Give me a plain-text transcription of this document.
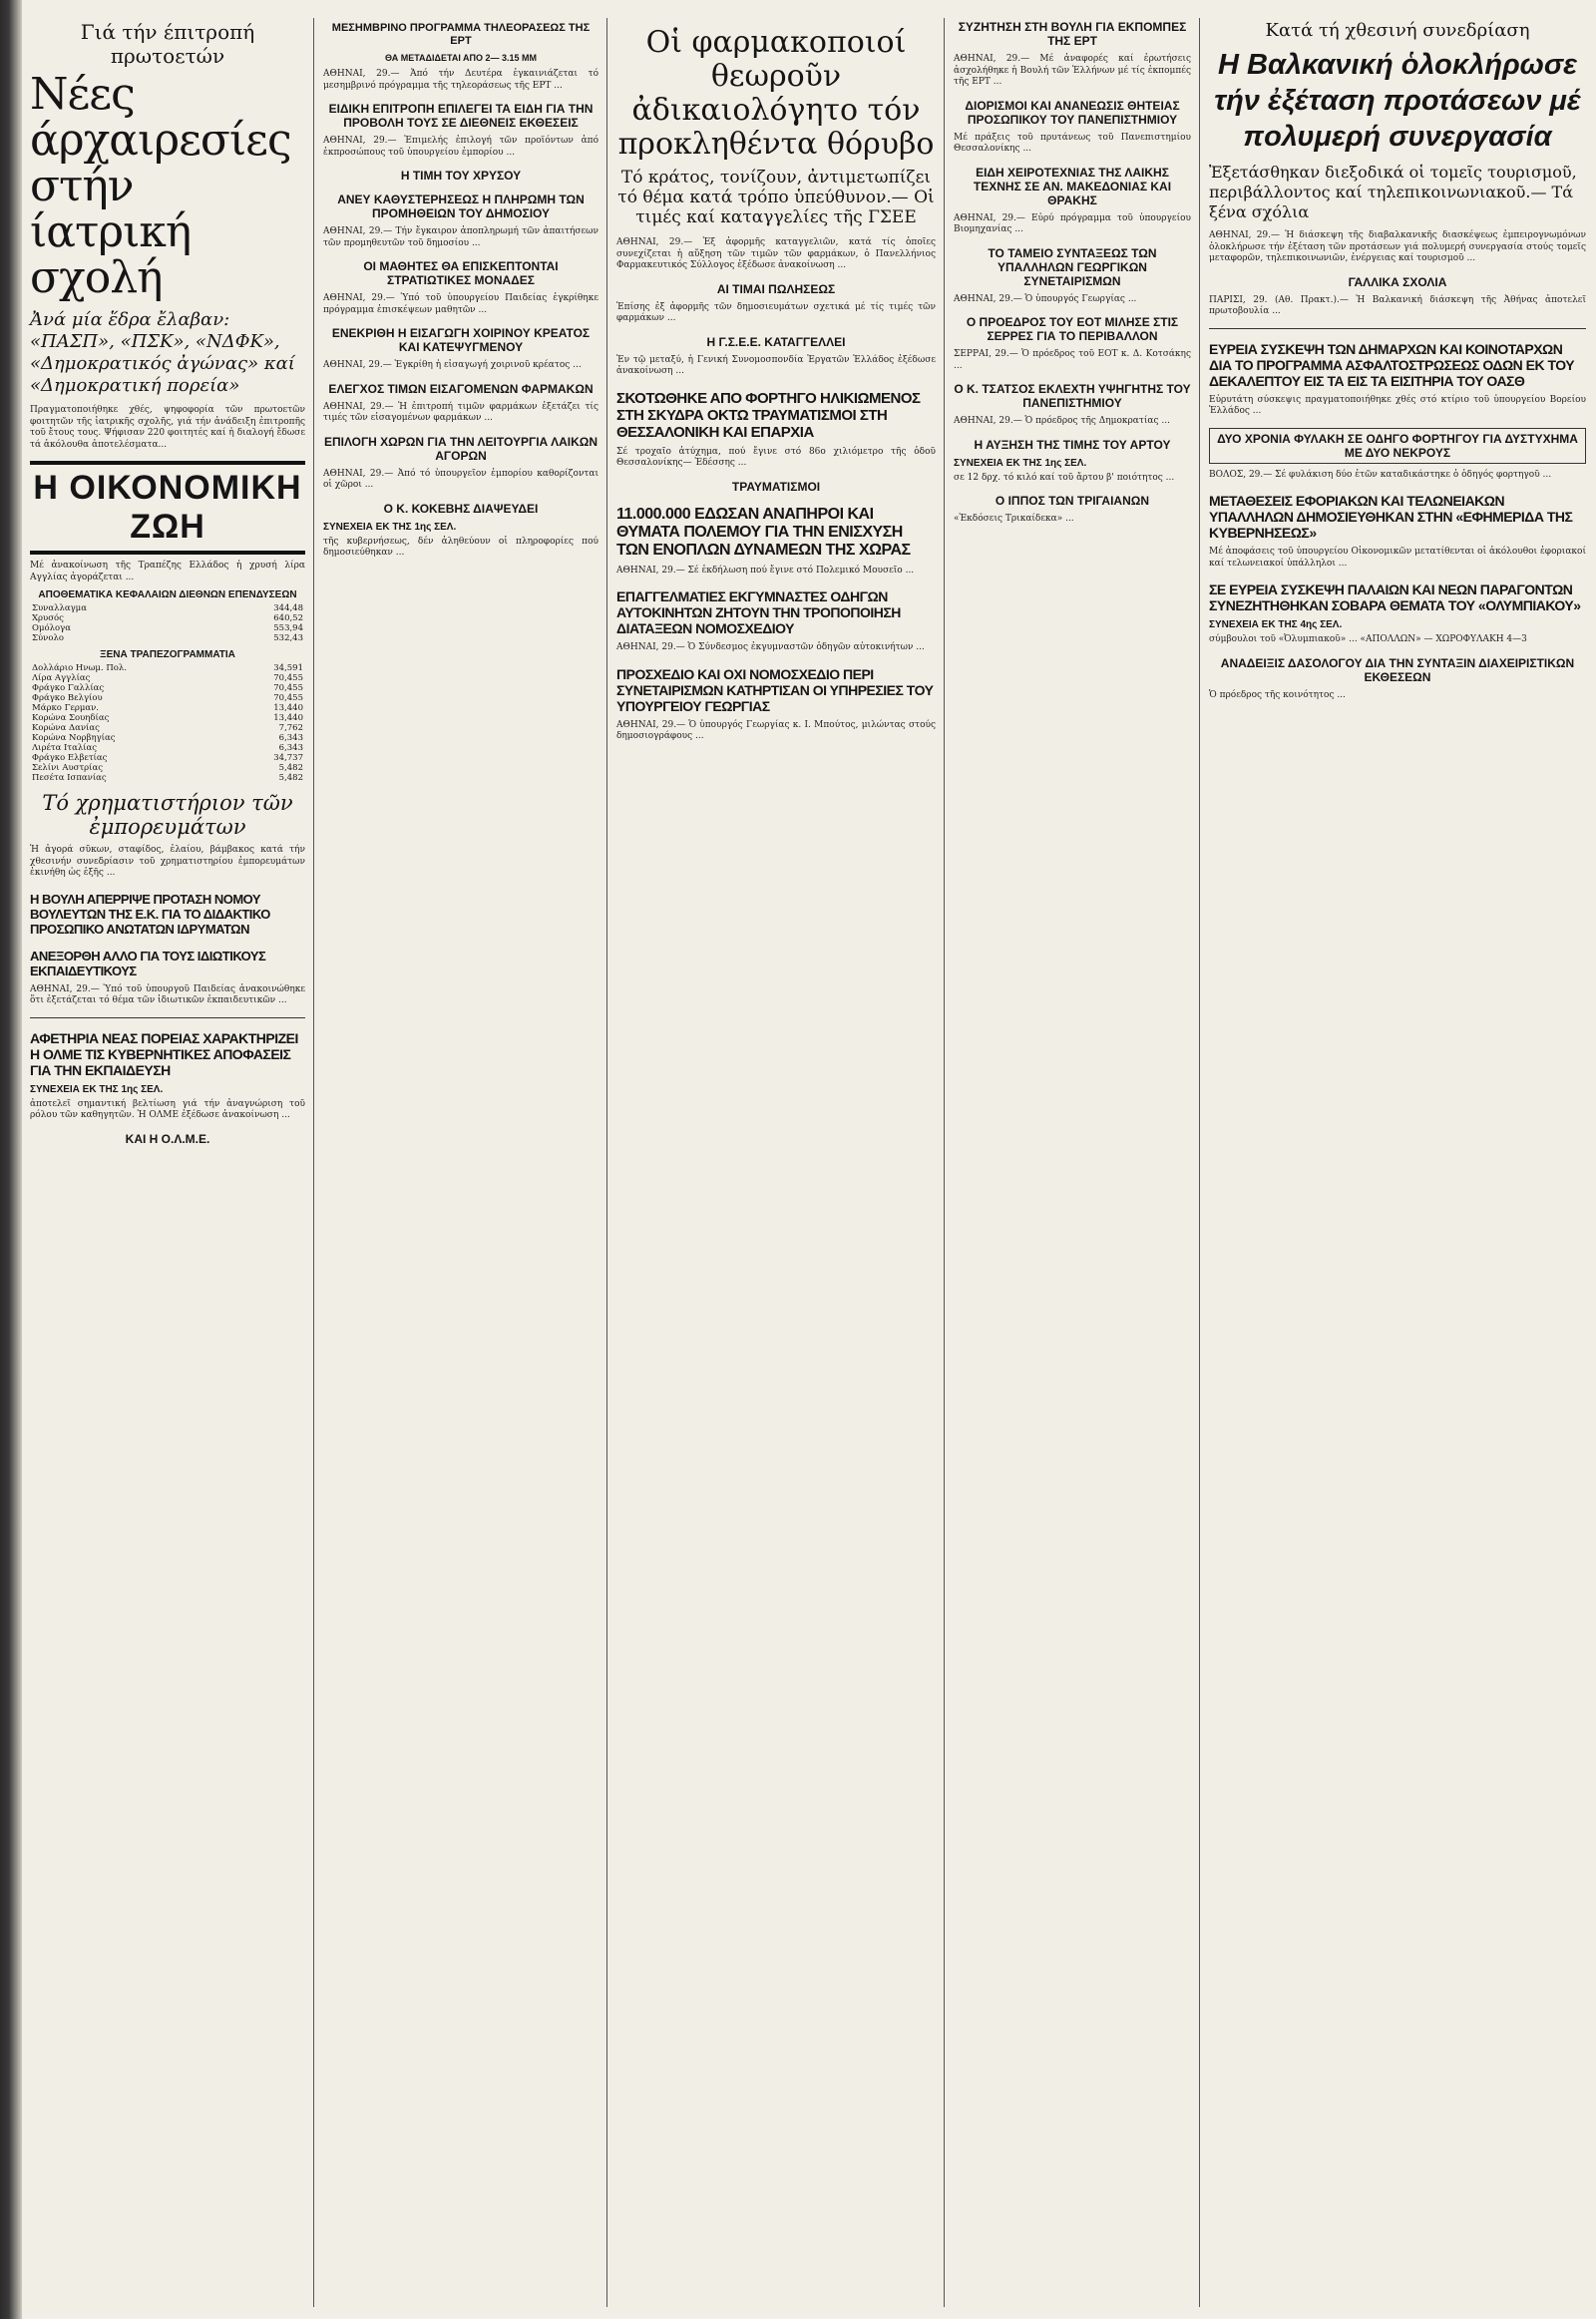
Γιά τήν έπιτροπή πρωτοετών
Νέες άρχαιρεσίες στήν ίατρική σχολή
Ἀνά μία ἕδρα ἔλαβαν: «ΠΑΣΠ», «ΠΣΚ», «ΝΔΦΚ», «Δημοκρατικός ἀγώνας» καί «Δημοκρατική πορεία»

Πραγματοποιήθηκε χθές, ψηφοφορία τῶν πρωτοετῶν φοιτητῶν τῆς ἰατρικῆς σχολῆς, γιά τήν ἀνάδειξη ἐπιτροπῆς τοῦ ἔτους τους. Ψήφισαν 220 φοιτητές καί ἡ διαλογή ἔδωσε τά ἀκόλουθα ἀποτελέσματα...

Η ΟΙΚΟΝΟΜΙΚΗ ΖΩΗ

Μέ ἀνακοίνωση τῆς Τραπέζης Ελλάδος ἡ χρυσή λίρα Αγγλίας ἀγοράζεται ...

ΑΠΟΘΕΜΑΤΙΚΑ ΚΕΦΑΛΑΙΩΝ ΔΙΕΘΝΩΝ ΕΠΕΝΔΥΣΕΩΝ
Συναλλαγμα	344,48
Χρυσός	640,52
Ομόλογα	553,94
Σύνολο	532,43
ΞΕΝΑ ΤΡΑΠΕΖΟΓΡΑΜΜΑΤΙΑ
Δολλάριο Ηνωμ. Πολ.	34,591
Λίρα Αγγλίας	70,455
Φράγκο Γαλλίας	70,455
Φράγκο Βελγίου	70,455
Μάρκο Γερμαν.	13,440
Κορώνα Σουηδίας	13,440
Κορώνα Δανίας	7,762
Κορώνα Νορβηγίας	6,343
Λιρέτα Ιταλίας	6,343
Φράγκο Ελβετίας	34,737
Σελίνι Αυστρίας	5,482
Πεσέτα Ισπανίας	5,482
Τό χρηματιστήριον τῶν ἐμπορευμάτων

Ἡ ἀγορά σῦκων, σταφίδος, ἐλαίου, βάμβακος κατά τήν χθεσινήν συνεδρίασιν τοῦ χρηματιστηρίου ἐμπορευμάτων ἐκινήθη ὡς ἑξῆς ...

Η ΒΟΥΛΗ ΑΠΕΡΡΙΨΕ ΠΡΟΤΑΣΗ ΝΟΜΟΥ ΒΟΥΛΕΥΤΩΝ ΤΗΣ Ε.Κ. ΓΙΑ ΤΟ ΔΙΔΑΚΤΙΚΟ ΠΡΟΣΩΠΙΚΟ ΑΝΩΤΑΤΩΝ ΙΔΡΥΜΑΤΩΝ
ΑΝΕΞΟΡΘΗ ΑΛΛΟ ΓΙΑ ΤΟΥΣ ΙΔΙΩΤΙΚΟΥΣ ΕΚΠΑΙΔΕΥΤΙΚΟΥΣ

ΑΘΗΝΑΙ, 29.— Ὑπό τοῦ ὑπουργοῦ Παιδείας ἀνακοινώθηκε ὅτι ἐξετάζεται τό θέμα τῶν ἰδιωτικῶν ἐκπαιδευτικῶν ...

ΑΦΕΤΗΡΙΑ ΝΕΑΣ ΠΟΡΕΙΑΣ ΧΑΡΑΚΤΗΡΙΖΕΙ Η ΟΛΜΕ ΤΙΣ ΚΥΒΕΡΝΗΤΙΚΕΣ ΑΠΟΦΑΣΕΙΣ ΓΙΑ ΤΗΝ ΕΚΠΑΙΔΕΥΣΗ
ΣΥΝΕΧΕΙΑ ΕΚ ΤΗΣ 1ης ΣΕΛ.

ἀποτελεῖ σημαντική βελτίωση γιά τήν ἀναγνώριση τοῦ ρόλου τῶν καθηγητῶν. Ἡ ΟΛΜΕ ἐξέδωσε ἀνακοίνωση ...

ΚΑΙ Η Ο.Λ.Μ.Ε.
ΜΕΣΗΜΒΡΙΝΟ ΠΡΟΓΡΑΜΜΑ ΤΗΛΕΟΡΑΣΕΩΣ ΤΗΣ ΕΡΤ
ΘΑ ΜΕΤΑΔΙΔΕΤΑΙ ΑΠΟ 2— 3.15 ΜΜ

ΑΘΗΝΑΙ, 29.— Ἀπό τήν Δευτέρα ἐγκαινιάζεται τό μεσημβρινό πρόγραμμα τῆς τηλεοράσεως τῆς ΕΡΤ ...

ΕΙΔΙΚΗ ΕΠΙΤΡΟΠΗ ΕΠΙΛΕΓΕΙ ΤΑ ΕΙΔΗ ΓΙΑ ΤΗΝ ΠΡΟΒΟΛΗ ΤΟΥΣ ΣΕ ΔΙΕΘΝΕΙΣ ΕΚΘΕΣΕΙΣ

ΑΘΗΝΑΙ, 29.— Ἐπιμελής ἐπιλογή τῶν προϊόντων ἀπό ἐκπροσώπους τοῦ ὑπουργείου ἐμπορίου ...

Η ΤΙΜΗ ΤΟΥ ΧΡΥΣΟΥ
ΑΝΕΥ ΚΑΘΥΣΤΕΡΗΣΕΩΣ Η ΠΛΗΡΩΜΗ ΤΩΝ ΠΡΟΜΗΘΕΙΩΝ ΤΟΥ ΔΗΜΟΣΙΟΥ

ΑΘΗΝΑΙ, 29.— Τήν ἔγκαιρον ἀποπληρωμή τῶν ἀπαιτήσεων τῶν προμηθευτῶν τοῦ δημοσίου ...

ΟΙ ΜΑΘΗΤΕΣ ΘΑ ΕΠΙΣΚΕΠΤΟΝΤΑΙ ΣΤΡΑΤΙΩΤΙΚΕΣ ΜΟΝΑΔΕΣ

ΑΘΗΝΑΙ, 29.— Ὑπό τοῦ ὑπουργείου Παιδείας ἐγκρίθηκε πρόγραμμα ἐπισκέψεων μαθητῶν ...

ΕΝΕΚΡΙΘΗ Η ΕΙΣΑΓΩΓΗ ΧΟΙΡΙΝΟΥ ΚΡΕΑΤΟΣ ΚΑΙ ΚΑΤΕΨΥΓΜΕΝΟΥ

ΑΘΗΝΑΙ, 29.— Ἐγκρίθη ἡ εἰσαγωγή χοιρινοῦ κρέατος ...

ΕΛΕΓΧΟΣ ΤΙΜΩΝ ΕΙΣΑΓΟΜΕΝΩΝ ΦΑΡΜΑΚΩΝ

ΑΘΗΝΑΙ, 29.— Ἡ ἐπιτροπή τιμῶν φαρμάκων ἐξετάζει τίς τιμές τῶν εἰσαγομένων φαρμάκων ...

ΕΠΙΛΟΓΗ ΧΩΡΩΝ ΓΙΑ ΤΗΝ ΛΕΙΤΟΥΡΓΙΑ ΛΑΙΚΩΝ ΑΓΟΡΩΝ

ΑΘΗΝΑΙ, 29.— Ἀπό τό ὑπουργεῖον ἐμπορίου καθορίζονται οἱ χῶροι ...

Ο Κ. ΚΟΚΕΒΗΣ ΔΙΑΨΕΥΔΕΙ
ΣΥΝΕΧΕΙΑ ΕΚ ΤΗΣ 1ης ΣΕΛ.

τῆς κυβερνήσεως, δέν ἀληθεύουν οἱ πληροφορίες πού δημοσιεύθηκαν ...

Οἱ φαρμακοποιοί θεωροῦν ἀδικαιολόγητο τόν προκληθέντα θόρυβο
Τό κράτος, τονίζουν, ἀντιμετωπίζει τό θέμα κατά τρόπο ὑπεύθυνον.— Οἱ τιμές καί καταγγελίες τῆς ΓΣΕΕ

ΑΘΗΝΑΙ, 29.— Ἐξ ἀφορμῆς καταγγελιῶν, κατά τίς ὁποῖες συνεχίζεται ἡ αὔξηση τῶν τιμῶν τῶν φαρμάκων, ὁ Πανελλήνιος Φαρμακευτικός Σύλλογος ἐξέδωσε ἀνακοίνωση ...

ΑΙ ΤΙΜΑΙ ΠΩΛΗΣΕΩΣ

Ἐπίσης ἐξ ἀφορμῆς τῶν δημοσιευμάτων σχετικά μέ τίς τιμές τῶν φαρμάκων ...

Η Γ.Σ.Ε.Ε. ΚΑΤΑΓΓΕΛΛΕΙ

Ἐν τῷ μεταξύ, ἡ Γενική Συνομοσπονδία Ἐργατῶν Ἑλλάδος ἐξέδωσε ἀνακοίνωση ...

ΣΚΟΤΩΘΗΚΕ ΑΠΟ ΦΟΡΤΗΓΟ ΗΛΙΚΙΩΜΕΝΟΣ ΣΤΗ ΣΚΥΔΡΑ ΟΚΤΩ ΤΡΑΥΜΑΤΙΣΜΟΙ ΣΤΗ ΘΕΣΣΑΛΟΝΙΚΗ ΚΑΙ ΕΠΑΡΧΙΑ

Σέ τροχαῖο ἀτύχημα, πού ἔγινε στό 86ο χιλιόμετρο τῆς ὁδοῦ Θεσσαλονίκης— Ἐδέσσης ...

ΤΡΑΥΜΑΤΙΣΜΟΙ
11.000.000 ΕΔΩΣΑΝ ΑΝΑΠΗΡΟΙ ΚΑΙ ΘΥΜΑΤΑ ΠΟΛΕΜΟΥ ΓΙΑ ΤΗΝ ΕΝΙΣΧΥΣΗ ΤΩΝ ΕΝΟΠΛΩΝ ΔΥΝΑΜΕΩΝ ΤΗΣ ΧΩΡΑΣ

ΑΘΗΝΑΙ, 29.— Σέ ἐκδήλωση πού ἔγινε στό Πολεμικό Μουσεῖο ...

ΕΠΑΓΓΕΛΜΑΤΙΕΣ ΕΚΓΥΜΝΑΣΤΕΣ ΟΔΗΓΩΝ ΑΥΤΟΚΙΝΗΤΩΝ ΖΗΤΟΥΝ ΤΗΝ ΤΡΟΠΟΠΟΙΗΣΗ ΔΙΑΤΑΞΕΩΝ ΝΟΜΟΣΧΕΔΙΟΥ

ΑΘΗΝΑΙ, 29.— Ὁ Σύνδεσμος ἐκγυμναστῶν ὁδηγῶν αὐτοκινήτων ...

ΠΡΟΣΧΕΔΙΟ ΚΑΙ ΟΧΙ ΝΟΜΟΣΧΕΔΙΟ ΠΕΡΙ ΣΥΝΕΤΑΙΡΙΣΜΩΝ ΚΑΤΗΡΤΙΣΑΝ ΟΙ ΥΠΗΡΕΣΙΕΣ ΤΟΥ ΥΠΟΥΡΓΕΙΟΥ ΓΕΩΡΓΙΑΣ

ΑΘΗΝΑΙ, 29.— Ὁ ὑπουργός Γεωργίας κ. Ι. Μπούτος, μιλώντας στούς δημοσιογράφους ...

ΣΥΖΗΤΗΣΗ ΣΤΗ ΒΟΥΛΗ ΓΙΑ ΕΚΠΟΜΠΕΣ ΤΗΣ ΕΡΤ

ΑΘΗΝΑΙ, 29.— Μέ ἀναφορές καί ἐρωτήσεις ἀσχολήθηκε ἡ Βουλή τῶν Ἑλλήνων μέ τίς ἐκπομπές τῆς ΕΡΤ ...

ΔΙΟΡΙΣΜΟΙ ΚΑΙ ΑΝΑΝΕΩΣΙΣ ΘΗΤΕΙΑΣ ΠΡΟΣΩΠΙΚΟΥ ΤΟΥ ΠΑΝΕΠΙΣΤΗΜΙΟΥ

Μέ πράξεις τοῦ πρυτάνεως τοῦ Πανεπιστημίου Θεσσαλονίκης ...

ΕΙΔΗ ΧΕΙΡΟΤΕΧΝΙΑΣ ΤΗΣ ΛΑΙΚΗΣ ΤΕΧΝΗΣ ΣΕ ΑΝ. ΜΑΚΕΔΟΝΙΑΣ ΚΑΙ ΘΡΑΚΗΣ

ΑΘΗΝΑΙ, 29.— Εὐρύ πρόγραμμα τοῦ ὑπουργείου Βιομηχανίας ...

ΤΟ ΤΑΜΕΙΟ ΣΥΝΤΑΞΕΩΣ ΤΩΝ ΥΠΑΛΛΗΛΩΝ ΓΕΩΡΓΙΚΩΝ ΣΥΝΕΤΑΙΡΙΣΜΩΝ

ΑΘΗΝΑΙ, 29.— Ὁ ὑπουργός Γεωργίας ...

Ο ΠΡΟΕΔΡΟΣ ΤΟΥ ΕΟΤ ΜΙΛΗΣΕ ΣΤΙΣ ΣΕΡΡΕΣ ΓΙΑ ΤΟ ΠΕΡΙΒΑΛΛΟΝ

ΣΕΡΡΑΙ, 29.— Ὁ πρόεδρος τοῦ ΕΟΤ κ. Δ. Κοτσάκης ...

Ο Κ. ΤΣΑΤΣΟΣ ΕΚΛΕΧΤΗ ΥΨΗΓΗΤΗΣ ΤΟΥ ΠΑΝΕΠΙΣΤΗΜΙΟΥ

ΑΘΗΝΑΙ, 29.— Ὁ πρόεδρος τῆς Δημοκρατίας ...

Η ΑΥΞΗΣΗ ΤΗΣ ΤΙΜΗΣ ΤΟΥ ΑΡΤΟΥ
ΣΥΝΕΧΕΙΑ ΕΚ ΤΗΣ 1ης ΣΕΛ.

σε 12 δρχ. τό κιλό καί τοῦ ἄρτου β' ποιότητος ...

Ο ΙΠΠΟΣ ΤΩΝ ΤΡΙΓΑΙΑΝΩΝ

«Ἐκδόσεις Τρικαίδεκα» ...

Κατά τή χθεσινή συνεδρίαση
Η Βαλκανική ὁλοκλήρωσε τήν ἐξέταση προτάσεων μέ πολυμερή συνεργασία
Ἐξετάσθηκαν διεξοδικά οἱ τομεῖς τουρισμοῦ, περιβάλλοντος καί τηλεπικοινωνιακοῦ.— Τά ξένα σχόλια

ΑΘΗΝΑΙ, 29.— Ἡ διάσκεψη τῆς διαβαλκανικῆς διασκέψεως ἐμπειρογνωμόνων ὁλοκλήρωσε τήν ἐξέταση τῶν προτάσεων γιά πολυμερή συνεργασία στούς τομεῖς μεταφορῶν, τηλεπικοινωνιῶν, ἐνέργειας καί τουρισμοῦ ...

ΓΑΛΛΙΚΑ ΣΧΟΛΙΑ

ΠΑΡΙΣΙ, 29. (Αθ. Πρακτ.).— Ἡ Βαλκανική διάσκεψη τῆς Ἀθήνας ἀποτελεῖ πρωτοβουλία ...

ΕΥΡΕΙΑ ΣΥΣΚΕΨΗ ΤΩΝ ΔΗΜΑΡΧΩΝ ΚΑΙ ΚΟΙΝΟΤΑΡΧΩΝ ΔΙΑ ΤΟ ΠΡΟΓΡΑΜΜΑ ΑΣΦΑΛΤΟΣΤΡΩΣΕΩΣ ΟΔΩΝ ΕΚ ΤΟΥ ΔΕΚΑΛΕΠΤΟΥ ΕΙΣ ΤΑ ΕΙΣ ΤΑ ΕΙΣΙΤΗΡΙΑ ΤΟΥ ΟΑΣΘ

Εὐρυτάτη σύσκεψις πραγματοποιήθηκε χθές στό κτίριο τοῦ ὑπουργείου Βορείου Ἑλλάδος ...

ΔΥΟ ΧΡΟΝΙΑ ΦΥΛΑΚΗ ΣΕ ΟΔΗΓΟ ΦΟΡΤΗΓΟΥ ΓΙΑ ΔΥΣΤΥΧΗΜΑ ΜΕ ΔΥΟ ΝΕΚΡΟΥΣ

ΒΟΛΟΣ, 29.— Σέ φυλάκιση δύο ἐτῶν καταδικάστηκε ὁ ὁδηγός φορτηγοῦ ...

ΜΕΤΑΘΕΣΕΙΣ ΕΦΟΡΙΑΚΩΝ ΚΑΙ ΤΕΛΩΝΕΙΑΚΩΝ ΥΠΑΛΛΗΛΩΝ ΔΗΜΟΣΙΕΥΘΗΚΑΝ ΣΤΗΝ «ΕΦΗΜΕΡΙΔΑ ΤΗΣ ΚΥΒΕΡΝΗΣΕΩΣ»

Μέ ἀποφάσεις τοῦ ὑπουργείου Οἰκονομικῶν μετατίθενται οἱ ἀκόλουθοι ἐφοριακοί καί τελωνειακοί ὑπάλληλοι ...

ΣΕ ΕΥΡΕΙΑ ΣΥΣΚΕΨΗ ΠΑΛΑΙΩΝ ΚΑΙ ΝΕΩΝ ΠΑΡΑΓΟΝΤΩΝ ΣΥΝΕΖΗΤΗΘΗΚΑΝ ΣΟΒΑΡΑ ΘΕΜΑΤΑ ΤΟΥ «ΟΛΥΜΠΙΑΚΟΥ»
ΣΥΝΕΧΕΙΑ ΕΚ ΤΗΣ 4ης ΣΕΛ.

σύμβουλοι τοῦ «Ὀλυμπιακοῦ» ... «ΑΠΟΛΛΩΝ» — ΧΩΡΟΦΥΛΑΚΗ 4—3

ΑΝΑΔΕΙΞΙΣ ΔΑΣΟΛΟΓΟΥ ΔΙΑ ΤΗΝ ΣΥΝΤΑΞΙΝ ΔΙΑΧΕΙΡΙΣΤΙΚΩΝ ΕΚΘΕΣΕΩΝ

Ὁ πρόεδρος τῆς κοινότητος ...
